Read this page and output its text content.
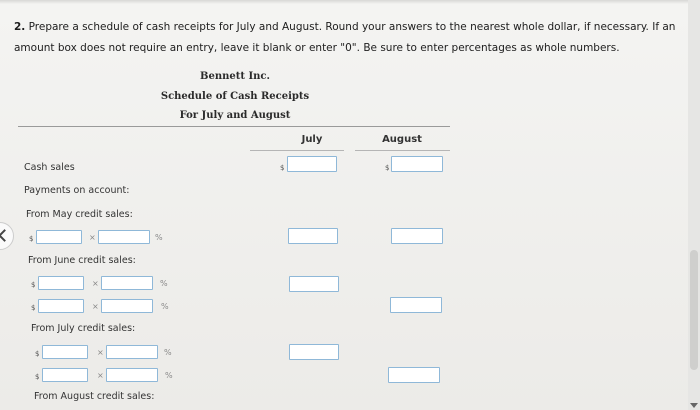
2. Prepare a schedule of cash receipts for July and August. Round your answers to the nearest whole dollar, if necessary. If an amount box does not require an entry, leave it blank or enter "0". Be sure to enter percentages as whole numbers.
Bennett Inc.
Schedule of Cash Receipts
For July and August
July	August
Cash sales	$	$
Payments on account:
From May credit sales:
$	×	%
From June credit sales:
$	×	%
$	×	%
From July credit sales:
$	×	%
$	×	%
From August credit sales:
